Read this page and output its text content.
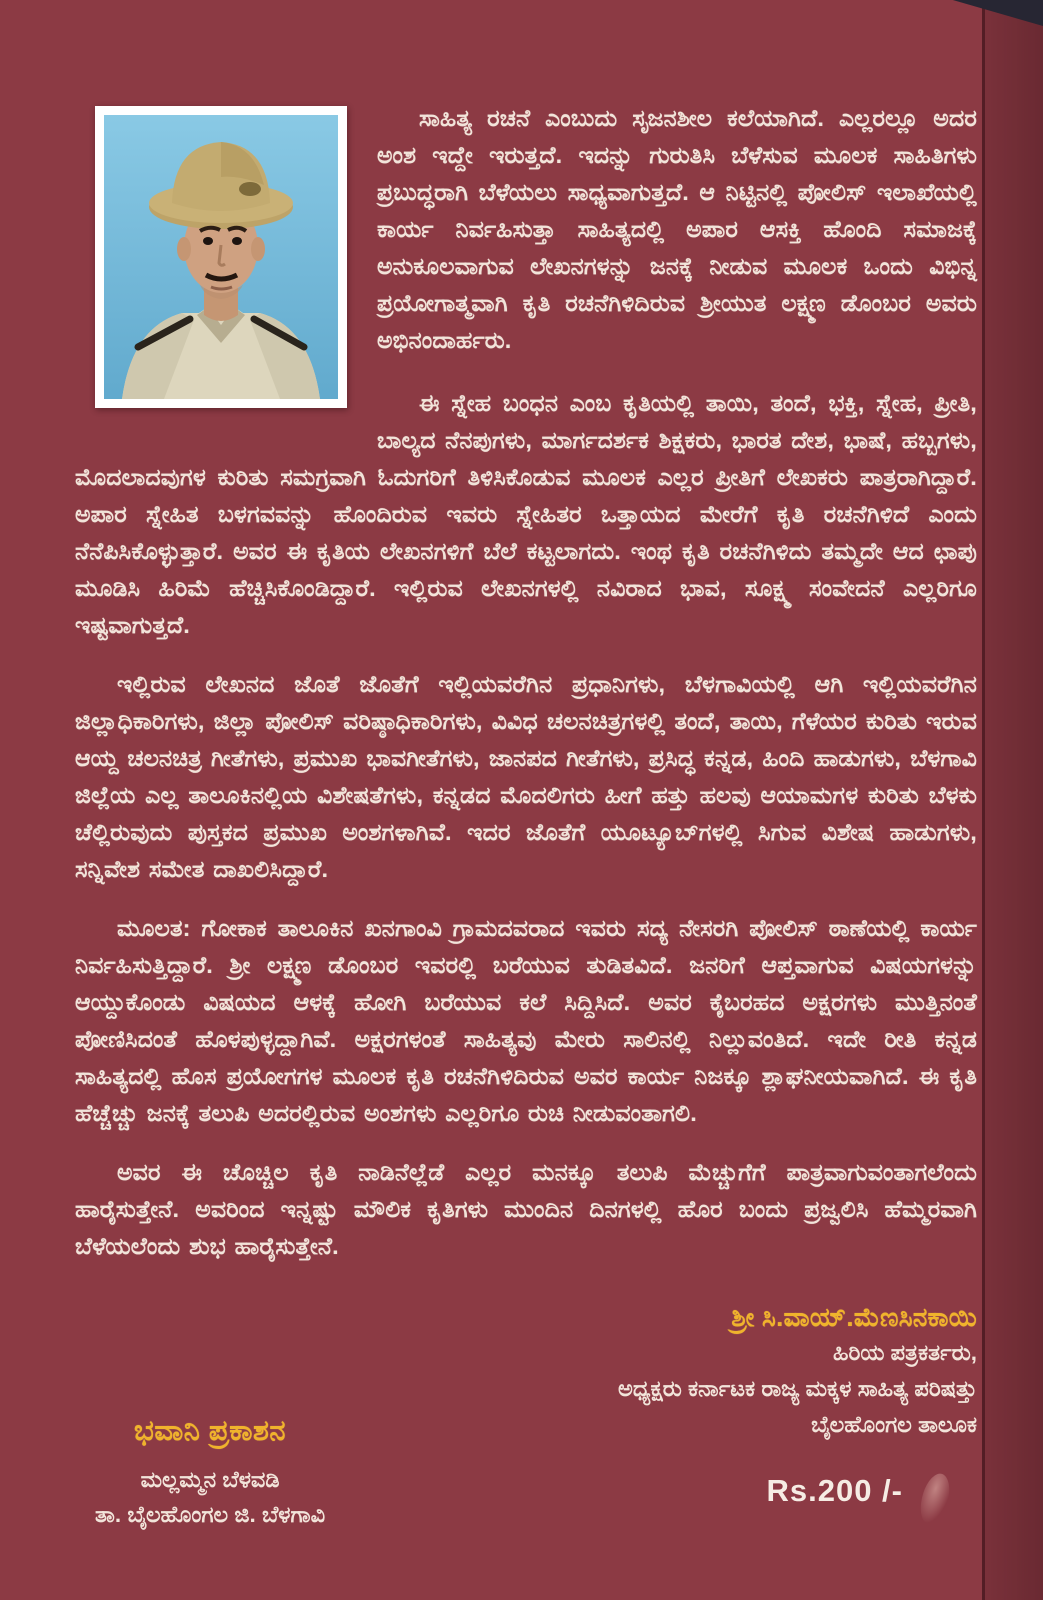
ಸಾಹಿತ್ಯ ರಚನೆ ಎಂಬುದು ಸೃಜನಶೀಲ ಕಲೆಯಾಗಿದೆ. ಎಲ್ಲರಲ್ಲೂ ಅದರ ಅಂಶ ಇದ್ದೇ ಇರುತ್ತದೆ. ಇದನ್ನು ಗುರುತಿಸಿ ಬೆಳೆಸುವ ಮೂಲಕ ಸಾಹಿತಿಗಳು ಪ್ರಬುದ್ಧರಾಗಿ ಬೆಳೆಯಲು ಸಾಧ್ಯವಾಗುತ್ತದೆ. ಆ ನಿಟ್ಟಿನಲ್ಲಿ ಪೋಲಿಸ್ ಇಲಾಖೆಯಲ್ಲಿ ಕಾರ್ಯ ನಿರ್ವಹಿಸುತ್ತಾ ಸಾಹಿತ್ಯದಲ್ಲಿ ಅಪಾರ ಆಸಕ್ತಿ ಹೊಂದಿ ಸಮಾಜಕ್ಕೆ ಅನುಕೂಲವಾಗುವ ಲೇಖನಗಳನ್ನು ಜನಕ್ಕೆ ನೀಡುವ ಮೂಲಕ ಒಂದು ವಿಭಿನ್ನ ಪ್ರಯೋಗಾತ್ಮವಾಗಿ ಕೃತಿ ರಚನೆಗಿಳಿದಿರುವ ಶ್ರೀಯುತ ಲಕ್ಷ್ಮಣ ಡೊಂಬರ ಅವರು ಅಭಿನಂದಾರ್ಹರು.

ಈ ಸ್ನೇಹ ಬಂಧನ ಎಂಬ ಕೃತಿಯಲ್ಲಿ ತಾಯಿ, ತಂದೆ, ಭಕ್ತಿ, ಸ್ನೇಹ, ಪ್ರೀತಿ, ಬಾಲ್ಯದ ನೆನಪುಗಳು, ಮಾರ್ಗದರ್ಶಕ ಶಿಕ್ಷಕರು, ಭಾರತ ದೇಶ, ಭಾಷೆ, ಹಬ್ಬಗಳು, ಮೊದಲಾದವುಗಳ ಕುರಿತು ಸಮಗ್ರವಾಗಿ ಓದುಗರಿಗೆ ತಿಳಿಸಿಕೊಡುವ ಮೂಲಕ ಎಲ್ಲರ ಪ್ರೀತಿಗೆ ಲೇಖಕರು ಪಾತ್ರರಾಗಿದ್ದಾರೆ. ಅಪಾರ ಸ್ನೇಹಿತ ಬಳಗವವನ್ನು ಹೊಂದಿರುವ ಇವರು ಸ್ನೇಹಿತರ ಒತ್ತಾಯದ ಮೇರೆಗೆ ಕೃತಿ ರಚನೆಗಿಳಿದೆ ಎಂದು ನೆನೆಪಿಸಿಕೊಳ್ಳುತ್ತಾರೆ. ಅವರ ಈ ಕೃತಿಯ ಲೇಖನಗಳಿಗೆ ಬೆಲೆ ಕಟ್ಟಲಾಗದು. ಇಂಥ ಕೃತಿ ರಚನೆಗಿಳಿದು ತಮ್ಮದೇ ಆದ ಛಾಪು ಮೂಡಿಸಿ ಹಿರಿಮೆ ಹೆಚ್ಚಿಸಿಕೊಂಡಿದ್ದಾರೆ. ಇಲ್ಲಿರುವ ಲೇಖನಗಳಲ್ಲಿ ನವಿರಾದ ಭಾವ, ಸೂಕ್ಷ್ಮ ಸಂವೇದನೆ ಎಲ್ಲರಿಗೂ ಇಷ್ಟವಾಗುತ್ತದೆ.

ಇಲ್ಲಿರುವ ಲೇಖನದ ಜೊತೆ ಜೊತೆಗೆ ಇಲ್ಲಿಯವರೆಗಿನ ಪ್ರಧಾನಿಗಳು, ಬೆಳಗಾವಿಯಲ್ಲಿ ಆಗಿ ಇಲ್ಲಿಯವರೆಗಿನ ಜಿಲ್ಲಾಧಿಕಾರಿಗಳು, ಜಿಲ್ಲಾ ಪೋಲಿಸ್ ವರಿಷ್ಠಾಧಿಕಾರಿಗಳು, ವಿವಿಧ ಚಲನಚಿತ್ರಗಳಲ್ಲಿ ತಂದೆ, ತಾಯಿ, ಗೆಳೆಯರ ಕುರಿತು ಇರುವ ಆಯ್ದ ಚಲನಚಿತ್ರ ಗೀತೆಗಳು, ಪ್ರಮುಖ ಭಾವಗೀತೆಗಳು, ಜಾನಪದ ಗೀತೆಗಳು, ಪ್ರಸಿದ್ಧ ಕನ್ನಡ, ಹಿಂದಿ ಹಾಡುಗಳು, ಬೆಳಗಾವಿ ಜಿಲ್ಲೆಯ ಎಲ್ಲ ತಾಲೂಕಿನಲ್ಲಿಯ ವಿಶೇಷತೆಗಳು, ಕನ್ನಡದ ಮೊದಲಿಗರು ಹೀಗೆ ಹತ್ತು ಹಲವು ಆಯಾಮಗಳ ಕುರಿತು ಬೆಳಕು ಚೆಲ್ಲಿರುವುದು ಪುಸ್ತಕದ ಪ್ರಮುಖ ಅಂಶಗಳಾಗಿವೆ. ಇದರ ಜೊತೆಗೆ ಯೂಟ್ಯೂಬ್‌ಗಳಲ್ಲಿ ಸಿಗುವ ವಿಶೇಷ ಹಾಡುಗಳು, ಸನ್ನಿವೇಶ ಸಮೇತ ದಾಖಲಿಸಿದ್ದಾರೆ.

ಮೂಲತ: ಗೋಕಾಕ ತಾಲೂಕಿನ ಖನಗಾಂವಿ ಗ್ರಾಮದವರಾದ ಇವರು ಸದ್ಯ ನೇಸರಗಿ ಪೋಲಿಸ್ ಠಾಣೆಯಲ್ಲಿ ಕಾರ್ಯ ನಿರ್ವಹಿಸುತ್ತಿದ್ದಾರೆ. ಶ್ರೀ ಲಕ್ಷ್ಮಣ ಡೊಂಬರ ಇವರಲ್ಲಿ ಬರೆಯುವ ತುಡಿತವಿದೆ. ಜನರಿಗೆ ಆಪ್ತವಾಗುವ ವಿಷಯಗಳನ್ನು ಆಯ್ದುಕೊಂಡು ವಿಷಯದ ಆಳಕ್ಕೆ ಹೋಗಿ ಬರೆಯುವ ಕಲೆ ಸಿದ್ದಿಸಿದೆ. ಅವರ ಕೈಬರಹದ ಅಕ್ಷರಗಳು ಮುತ್ತಿನಂತೆ ಪೋಣಿಸಿದಂತೆ ಹೊಳಪುಳ್ಳದ್ದಾಗಿವೆ. ಅಕ್ಷರಗಳಂತೆ ಸಾಹಿತ್ಯವು ಮೇರು ಸಾಲಿನಲ್ಲಿ ನಿಲ್ಲುವಂತಿದೆ. ಇದೇ ರೀತಿ ಕನ್ನಡ ಸಾಹಿತ್ಯದಲ್ಲಿ ಹೊಸ ಪ್ರಯೋಗಗಳ ಮೂಲಕ ಕೃತಿ ರಚನೆಗಿಳಿದಿರುವ ಅವರ ಕಾರ್ಯ ನಿಜಕ್ಕೂ ಶ್ಲಾಘನೀಯವಾಗಿದೆ. ಈ ಕೃತಿ ಹೆಚ್ಚೆಚ್ಚು ಜನಕ್ಕೆ ತಲುಪಿ ಅದರಲ್ಲಿರುವ ಅಂಶಗಳು ಎಲ್ಲರಿಗೂ ರುಚಿ ನೀಡುವಂತಾಗಲಿ.

ಅವರ ಈ ಚೊಚ್ಚಿಲ ಕೃತಿ ನಾಡಿನೆಲ್ಲೆಡೆ ಎಲ್ಲರ ಮನಕ್ಕೂ ತಲುಪಿ ಮೆಚ್ಚುಗೆಗೆ ಪಾತ್ರವಾಗುವಂತಾಗಲೆಂದು ಹಾರೈಸುತ್ತೇನೆ. ಅವರಿಂದ ಇನ್ನಷ್ಟು ಮೌಲಿಕ ಕೃತಿಗಳು ಮುಂದಿನ ದಿನಗಳಲ್ಲಿ ಹೊರ ಬಂದು ಪ್ರಜ್ವಲಿಸಿ ಹೆಮ್ಮರವಾಗಿ ಬೆಳೆಯಲೆಂದು ಶುಭ ಹಾರೈಸುತ್ತೇನೆ.

ಶ್ರೀ ಸಿ.ವಾಯ್.ಮೆಣಸಿನಕಾಯಿ
ಹಿರಿಯ ಪತ್ರಕರ್ತರು,
ಅಧ್ಯಕ್ಷರು ಕರ್ನಾಟಕ ರಾಜ್ಯ ಮಕ್ಕಳ ಸಾಹಿತ್ಯ ಪರಿಷತ್ತು
ಬೈಲಹೊಂಗಲ ತಾಲೂಕ
ಭವಾನಿ ಪ್ರಕಾಶನ
ಮಲ್ಲಮ್ಮನ ಬೆಳವಡಿ
ತಾ. ಬೈಲಹೊಂಗಲ ಜಿ. ಬೆಳಗಾವಿ
Rs.200 /-
